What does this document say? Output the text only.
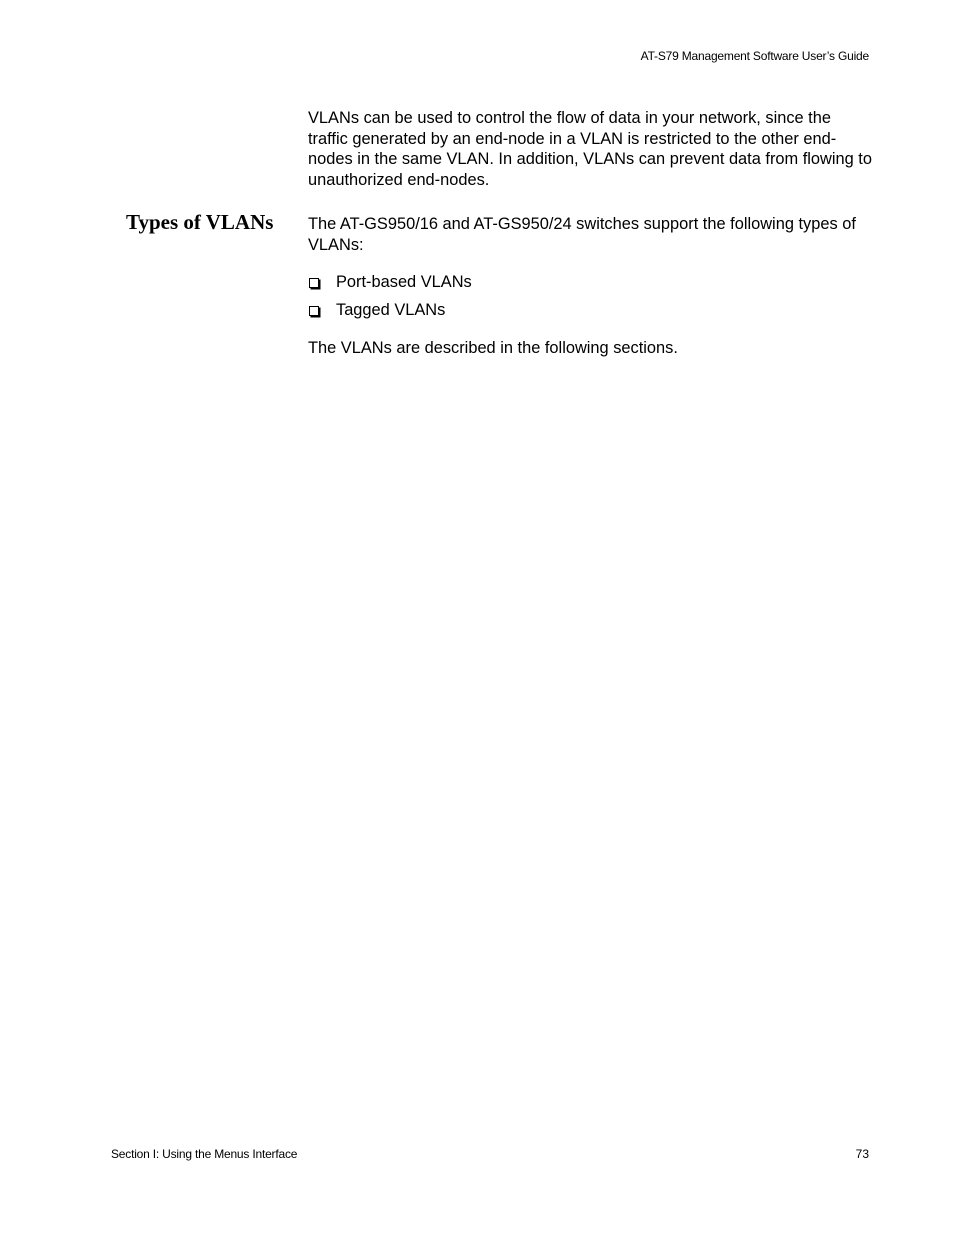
AT-S79 Management Software User’s Guide

VLANs can be used to control the flow of data in your network, since the traffic generated by an end-node in a VLAN is restricted to the other end-nodes in the same VLAN. In addition, VLANs can prevent data from flowing to unauthorized end-nodes.

Types of VLANs The AT-GS950/16 and AT-GS950/24 switches support the following types of VLANs:

Port-based VLANs
Tagged VLANs

The VLANs are described in the following sections.

Section I: Using the Menus Interface	73
